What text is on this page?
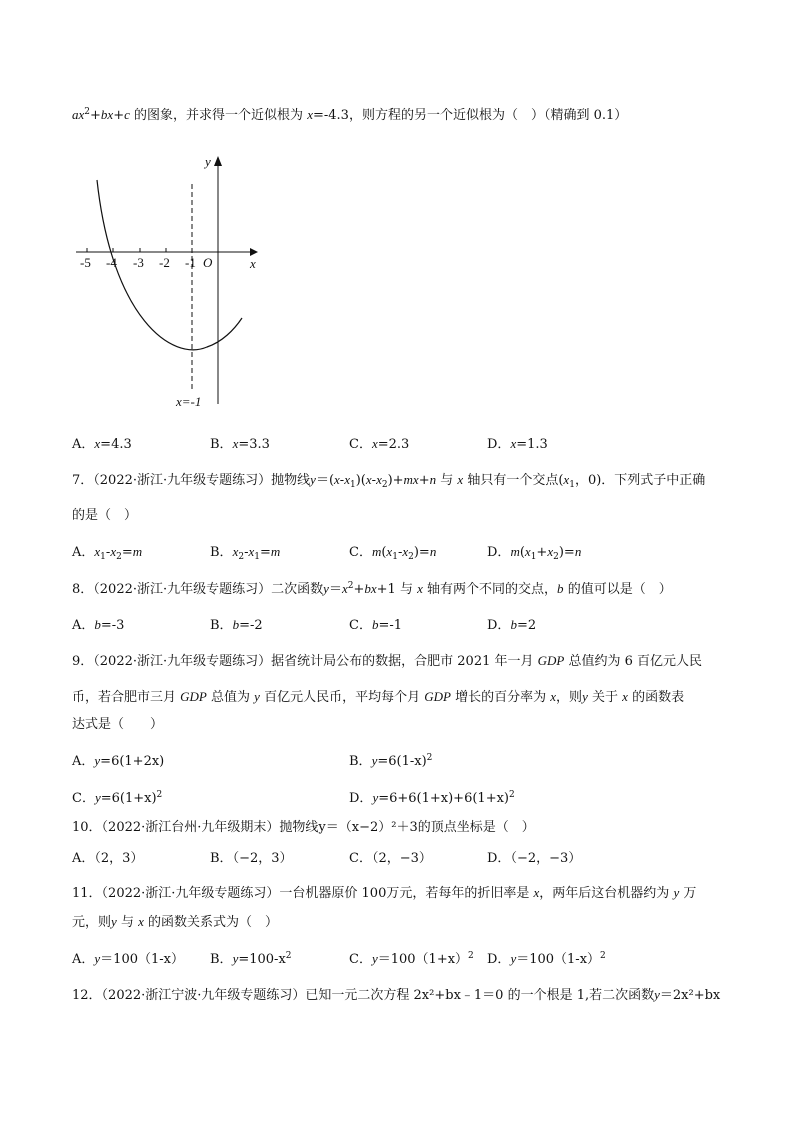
$ax^2+bx+c$ 的图象，并求得一个近似根为 x=-4.3，则方程的另一个近似根为（　）（精确到 0.1）
-5 -4 -3 -2 -1 O	x
y
x=-1
A．x=4.3	B．x=3.3	C．x=2.3	D．x=1.3
7．（2022·浙江·九年级专题练习）抛物线$y=(x-x_1)(x-x_2)+mx+n$ 与 x 轴只有一个交点($x_1$，0)．下列式子中正确
的是（　）
A．$x_1-x_2=m$	B．$x_2-x_1=m$	C．$m(x_1-x_2)=n$	D．$m(x_1+x_2)=n$
8．（2022·浙江·九年级专题练习）二次函数$y=x^2+bx+1$ 与 x 轴有两个不同的交点，b 的值可以是（　）
A．b=-3	B．b=-2	C．b=-1	D．b=2
9．（2022·浙江·九年级专题练习）据省统计局公布的数据，合肥市 2021 年一月 GDP 总值约为 6 百亿元人民
币，若合肥市三月 GDP 总值为 y 百亿元人民币，平均每个月 GDP 增长的百分率为 x，则y 关于 x 的函数表
达式是（　　）
A．y=6(1+2x)	B．$y=6(1-x)^2$
C．$y=6(1+x)^2$	D．$y=6+6(1+x)+6(1+x)^2$
10．（2022·浙江台州·九年级期末）抛物线y＝（x−2）²＋3的顶点坐标是（　）
A．（2，3）	B．（−2，3）	C．（2，−3）	D．（−2，−3）
11．（2022·浙江·九年级专题练习）一台机器原价 100万元，若每年的折旧率是 x，两年后这台机器约为 y 万
元，则y 与 x 的函数关系式为（　）
A．y＝100（1-x） B．$y=100-x^2$	C．$y=100(1+x)^2$ D．$y=100(1-x)^2$
12．（2022·浙江宁波·九年级专题练习）已知一元二次方程 2x²+bx﹣1＝0 的一个根是 1,若二次函数y＝2x²+bx
